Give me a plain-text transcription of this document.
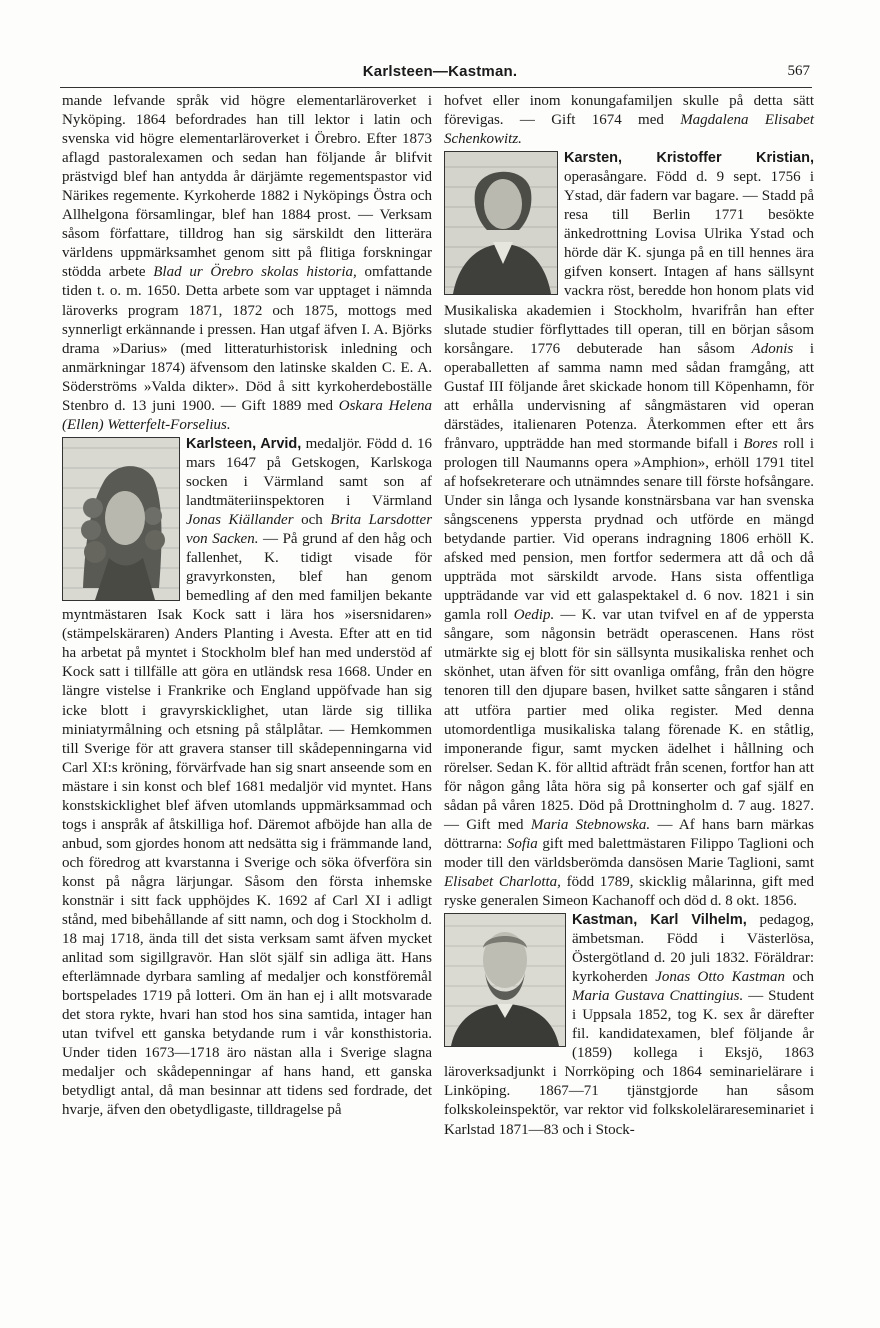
Karlsteen—Kastman.	567

mande lefvande språk vid högre elementarläroverket i Nyköping. 1864 befordrades han till lektor i latin och svenska vid högre elementarläroverket i Örebro. Efter 1873 aflagd pastoralexamen och sedan han följande år blifvit prästvigd blef han antydda år därjämte regementspastor vid Närikes regemente. Kyrkoherde 1882 i Nyköpings Östra och Allhelgona församlingar, blef han 1884 prost. — Verksam såsom författare, tilldrog han sig särskildt den litterära världens uppmärksamhet genom sitt på flitiga forskningar stödda arbete Blad ur Örebro skolas historia, omfattande tiden t. o. m. 1650. Detta arbete som var upptaget i nämnda läroverks program 1871, 1872 och 1875, mottogs med synnerligt erkännande i pressen. Han utgaf äfven I. A. Björks drama »Darius» (med litteraturhistorisk inledning och anmärkningar 1874) äfvensom den latinske skalden C. E. A. Söderströms »Valda dikter». Död å sitt kyrkoherdeboställe Stenbro d. 13 juni 1900. — Gift 1889 med Oskara Helena (Ellen) Wetterfelt-Forselius.

Karlsteen, Arvid, medaljör. Född d. 16 mars 1647 på Getskogen, Karlskoga socken i Värmland samt son af landtmäteriinspektoren i Värmland Jonas Kiällander och Brita Larsdotter von Sacken. — På grund af den håg och fallenhet, K. tidigt visade för gravyrkonsten, blef han genom bemedling af den med familjen bekante myntmästaren Isak Kock satt i lära hos »isersnidaren» (stämpelskäraren) Anders Planting i Avesta. Efter att en tid ha arbetat på myntet i Stockholm blef han med understöd af Kock satt i tillfälle att göra en utländsk resa 1668. Under en längre vistelse i Frankrike och England uppöfvade han sig icke blott i gravyrskicklighet, utan lärde sig tillika miniatyrmålning och etsning på stålplåtar. — Hemkommen till Sverige för att gravera stanser till skådepenningarna vid Carl XI:s kröning, förvärfvade han sig snart anseende som en mästare i sin konst och blef 1681 medaljör vid myntet. Hans konstskicklighet blef äfven utomlands uppmärksammad och togs i anspråk af åtskilliga hof. Däremot afböjde han alla de anbud, som gjordes honom att nedsätta sig i främmande land, och föredrog att kvarstanna i Sverige och söka öfverföra sin konst på några lärjungar. Såsom den första inhemske konstnär i sitt fack upphöjdes K. 1692 af Carl XI i adligt stånd, med bibehållande af sitt namn, och dog i Stockholm d. 18 maj 1718, ända till det sista verksam samt äfven mycket anlitad som sigillgravör. Han slöt själf sin adliga ätt. Hans efterlämnade dyrbara samling af medaljer och konstföremål bortspelades 1719 på lotteri. Om än han ej i allt motsvarade det stora rykte, hvari han stod hos sina samtida, intager han utan tvifvel ett ganska betydande rum i vår konsthistoria. Under tiden 1673—1718 äro nästan alla i Sverige slagna medaljer och skådepenningar af hans hand, ett ganska betydligt antal, då man besinnar att tidens sed fordrade, det hvarje, äfven den obetydligaste, tilldragelse på

hofvet eller inom konungafamiljen skulle på detta sätt förevigas. — Gift 1674 med Magdalena Elisabet Schenkowitz.

Karsten, Kristoffer Kristian,
operasångare. Född d. 9 sept. 1756 i Ystad, där fadern var bagare. — Stadd på resa till Berlin 1771 besökte änkedrottning Lovisa Ulrika Ystad och hörde där K. sjunga på en till hennes ära gifven konsert. Intagen af hans sällsynt vackra röst, beredde hon honom plats vid Musikaliska akademien i Stockholm, hvarifrån han efter slutade studier förflyttades till operan, till en början såsom korsångare. 1776 debuterade han såsom Adonis i operaballetten af samma namn med sådan framgång, att Gustaf III följande året skickade honom till Köpenhamn, för att erhålla undervisning af sångmästaren vid operan därstädes, italienaren Potenza. Återkommen efter ett års frånvaro, uppträdde han med stormande bifall i Bores roll i prologen till Naumanns opera »Amphion», erhöll 1791 titel af hofsekreterare och utnämndes senare till förste hofsångare. Under sin långa och lysande konstnärsbana var han svenska sångscenens yppersta prydnad och utförde en mängd betydande partier. Vid operans indragning 1806 erhöll K. afsked med pension, men fortfor sedermera att då och då uppträda mot särskildt arvode. Hans sista offentliga uppträdande var vid ett galaspektakel d. 6 nov. 1821 i sin gamla roll Oedip. — K. var utan tvifvel en af de yppersta sångare, som någonsin beträdt operascenen. Hans röst utmärkte sig ej blott för sin sällsynta musikaliska renhet och skönhet, utan äfven för sitt ovanliga omfång, från den högre tenoren till den djupare basen, hvilket satte sångaren i stånd att utföra partier med olika register. Med denna utomordentliga musikaliska talang förenade K. en ståtlig, imponerande figur, samt mycken ädelhet i hållning och rörelser. Sedan K. för alltid afträdt från scenen, fortfor han att för någon gång låta höra sig på konserter och gaf själf en sådan på våren 1825. Död på Drottningholm d. 7 aug. 1827. — Gift med Maria Stebnowska. — Af hans barn märkas döttrarna: Sofia gift med balettmästaren Filippo Taglioni och moder till den världsberömda dansösen Marie Taglioni, samt Elisabet Charlotta, född 1789, skicklig målarinna, gift med ryske generalen Simeon Kachanoff och död d. 8 okt. 1856.

Kastman, Karl Vilhelm, pedagog, ämbetsman. Född i Västerlösa, Östergötland d. 20 juli 1832. Föräldrar: kyrkoherden Jonas Otto Kastman och Maria Gustava Cnattingius. — Student i Uppsala 1852, tog K. sex år därefter fil. kandidatexamen, blef följande år (1859) kollega i Eksjö, 1863 läroverksadjunkt i Norrköping och 1864 seminarielärare i Linköping. 1867—71 tjänstgjorde han såsom folkskoleinspektör, var rektor vid folkskolelärareseminariet i Karlstad 1871—83 och i Stock-
